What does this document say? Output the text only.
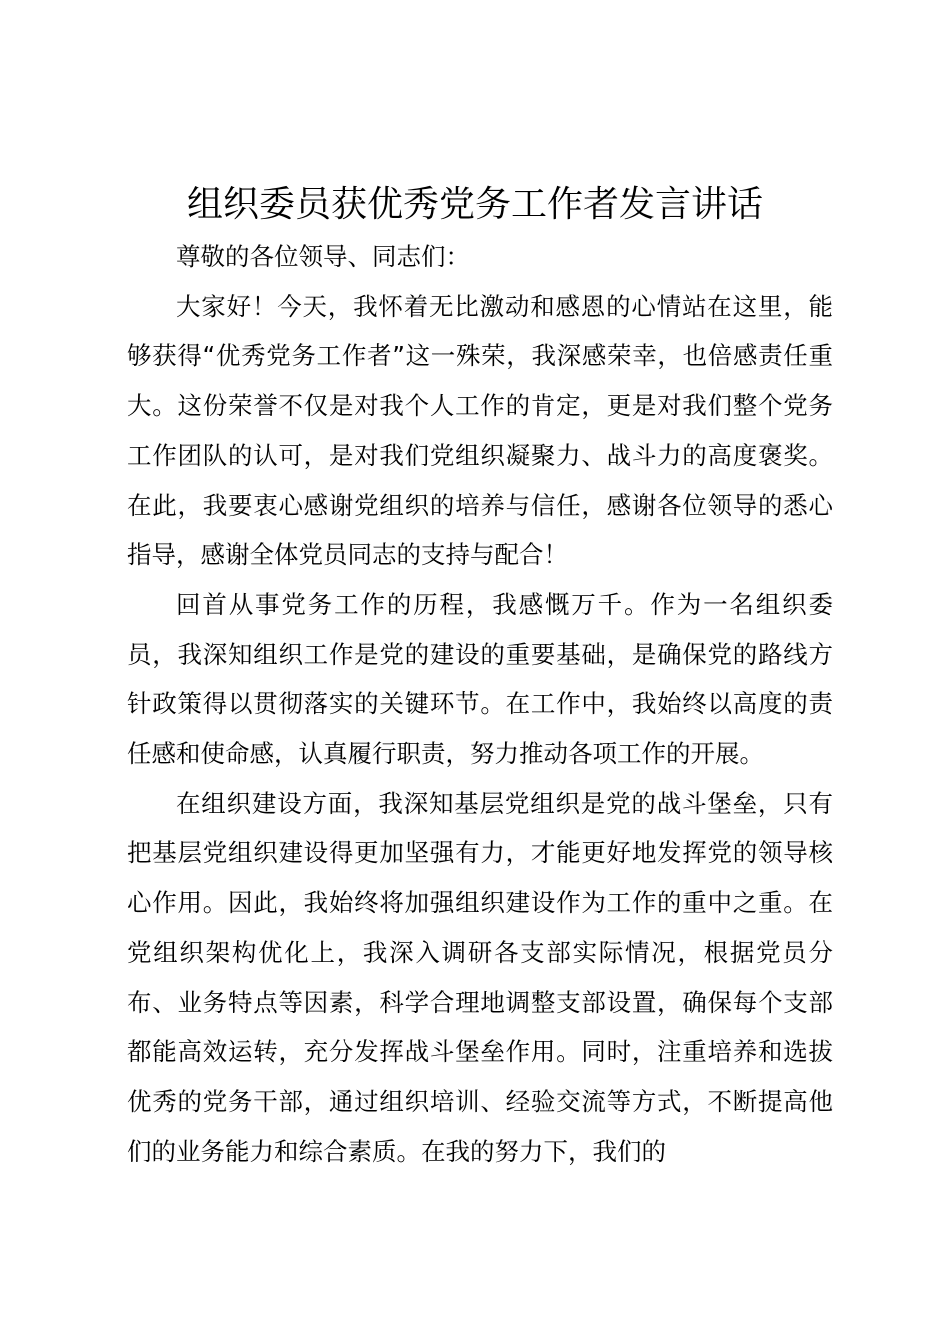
组织委员获优秀党务工作者发言讲话

尊敬的各位领导、同志们：

大家好！今天，我怀着无比激动和感恩的心情站在这里，能够获得“优秀党务工作者”这一殊荣，我深感荣幸，也倍感责任重大。这份荣誉不仅是对我个人工作的肯定，更是对我们整个党务工作团队的认可，是对我们党组织凝聚力、战斗力的高度褒奖。在此，我要衷心感谢党组织的培养与信任，感谢各位领导的悉心指导，感谢全体党员同志的支持与配合！

回首从事党务工作的历程，我感慨万千。作为一名组织委员，我深知组织工作是党的建设的重要基础，是确保党的路线方针政策得以贯彻落实的关键环节。在工作中，我始终以高度的责任感和使命感，认真履行职责，努力推动各项工作的开展。

在组织建设方面，我深知基层党组织是党的战斗堡垒，只有把基层党组织建设得更加坚强有力，才能更好地发挥党的领导核心作用。因此，我始终将加强组织建设作为工作的重中之重。在党组织架构优化上，我深入调研各支部实际情况，根据党员分布、业务特点等因素，科学合理地调整支部设置，确保每个支部都能高效运转，充分发挥战斗堡垒作用。同时，注重培养和选拔优秀的党务干部，通过组织培训、经验交流等方式，不断提高他们的业务能力和综合素质。在我的努力下，我们的
